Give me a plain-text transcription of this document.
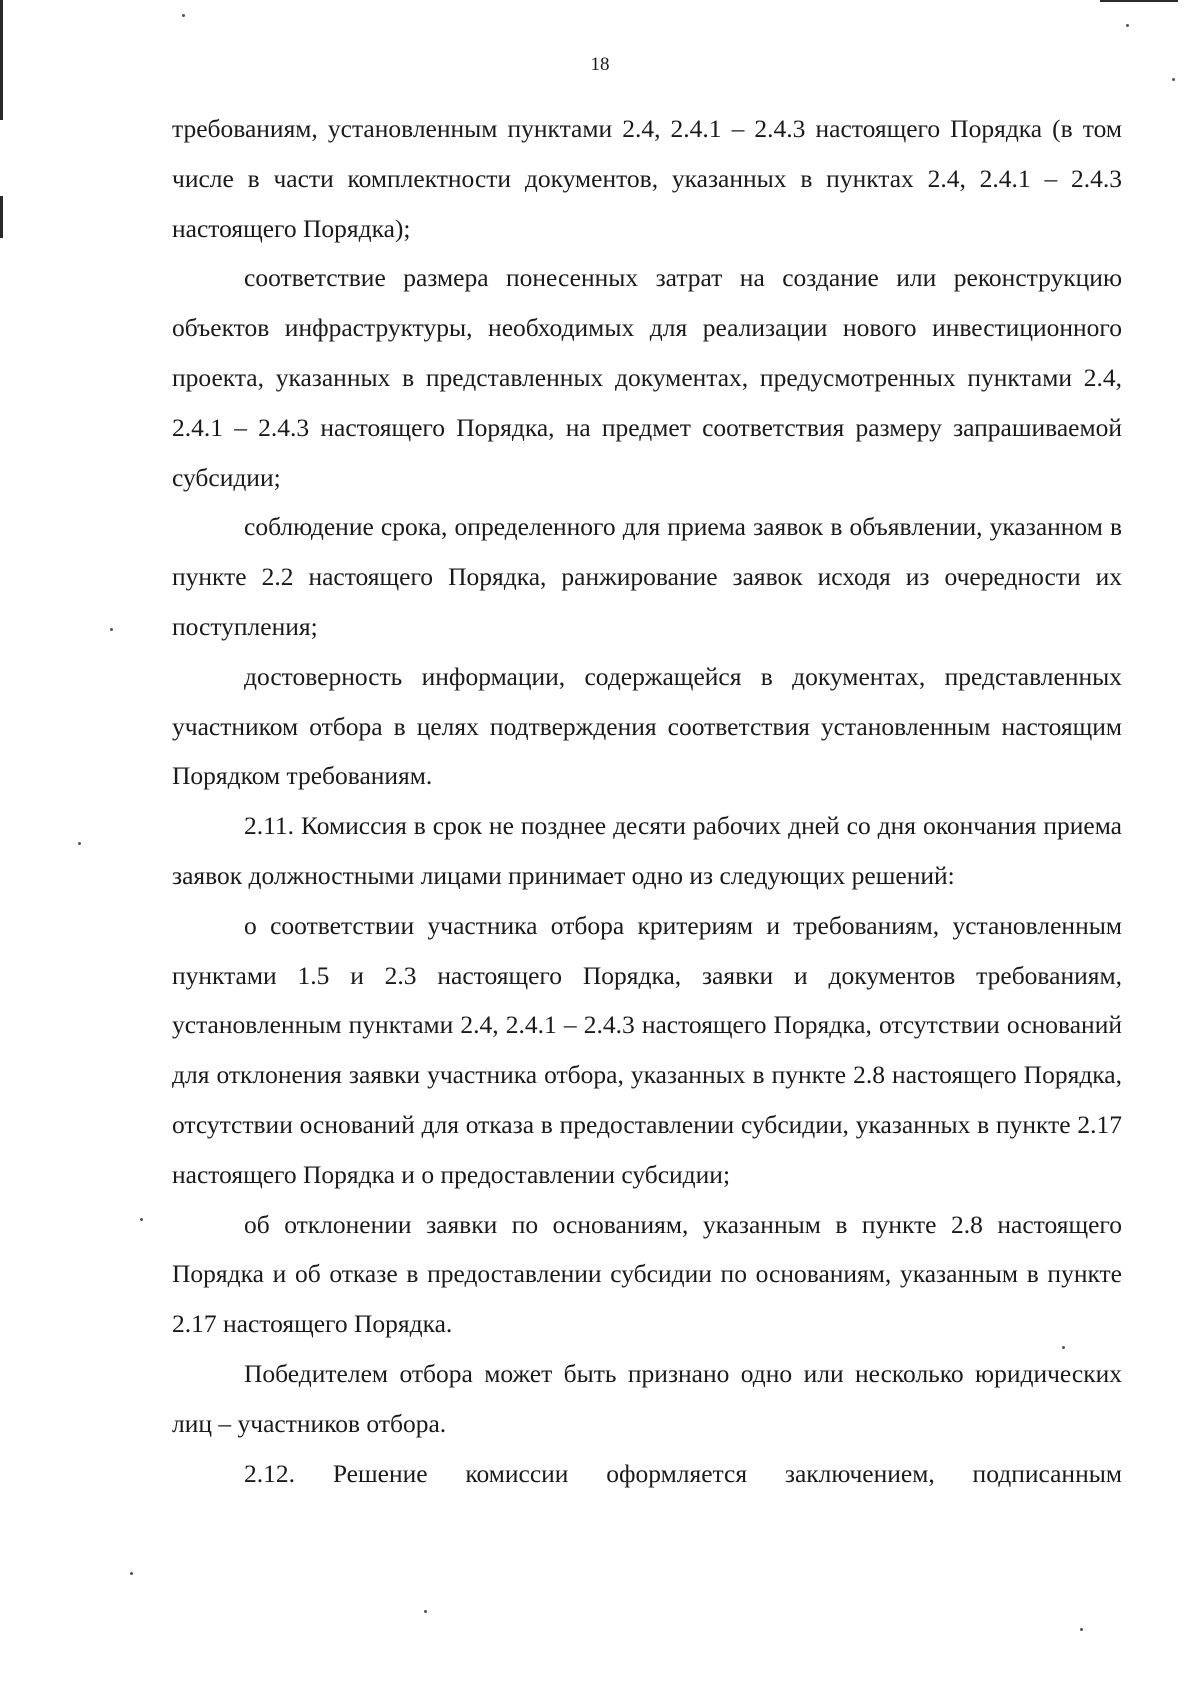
18

требованиям, установленным пунктами 2.4, 2.4.1 – 2.4.3 настоящего Порядка (в том числе в части комплектности документов, указанных в пунктах 2.4, 2.4.1 – 2.4.3 настоящего Порядка);

соответствие размера понесенных затрат на создание или реконструкцию объектов инфраструктуры, необходимых для реализации нового инвестиционного проекта, указанных в представленных документах, предусмотренных пунктами 2.4, 2.4.1 – 2.4.3 настоящего Порядка, на предмет соответствия размеру запрашиваемой субсидии;

соблюдение срока, определенного для приема заявок в объявлении, указанном в пункте 2.2 настоящего Порядка, ранжирование заявок исходя из очередности их поступления;

достоверность информации, содержащейся в документах, представленных участником отбора в целях подтверждения соответствия установленным настоящим Порядком требованиям.

2.11. Комиссия в срок не позднее десяти рабочих дней со дня окончания приема заявок должностными лицами принимает одно из следующих решений:

о соответствии участника отбора критериям и требованиям, установленным пунктами 1.5 и 2.3 настоящего Порядка, заявки и документов требованиям, установленным пунктами 2.4, 2.4.1 – 2.4.3 настоящего Порядка, отсутствии оснований для отклонения заявки участника отбора, указанных в пункте 2.8 настоящего Порядка, отсутствии оснований для отказа в предоставлении субсидии, указанных в пункте 2.17 настоящего Порядка и о предоставлении субсидии;

об отклонении заявки по основаниям, указанным в пункте 2.8 настоящего Порядка и об отказе в предоставлении субсидии по основаниям, указанным в пункте 2.17 настоящего Порядка.

Победителем отбора может быть признано одно или несколько юридических лиц – участников отбора.

2.12. Решение комиссии оформляется заключением, подписанным
